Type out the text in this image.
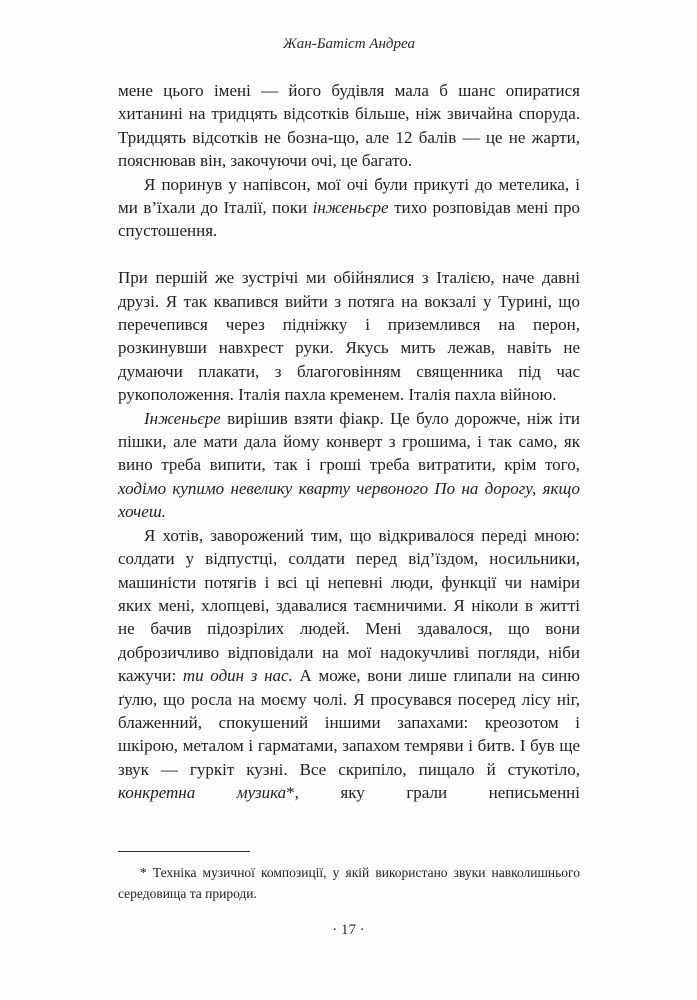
Жан-Батіст Андреа

мене цього імені — його будівля мала б шанс опиратися хитанині на тридцять відсотків більше, ніж звичайна споруда. Тридцять відсотків не бозна-що, але 12 балів — це не жарти, пояснював він, закочуючи очі, це багато.

Я поринув у напівсон, мої очі були прикуті до метелика, і ми в’їхали до Італії, поки інженьєре тихо розповідав мені про спустошення.

При першій же зустрічі ми обійнялися з Італією, наче давні друзі. Я так квапився вийти з потяга на вокзалі у Турині, що перечепився через підніжку і приземлився на перон, розкинувши навхрест руки. Якусь мить лежав, навіть не думаючи плакати, з благоговінням священника під час рукоположення. Італія пахла кременем. Італія пахла війною.

Інженьєре вирішив взяти фіакр. Це було дорожче, ніж іти пішки, але мати дала йому конверт з грошима, і так само, як вино треба випити, так і гроші треба витратити, крім того, ходімо купимо невелику кварту червоного По на дорогу, якщо хочеш.

Я хотів, заворожений тим, що відкривалося переді мною: солдати у відпустці, солдати перед від’їздом, носильники, машиністи потягів і всі ці непевні люди, функції чи наміри яких мені, хлопцеві, здавалися таємничими. Я ніколи в житті не бачив підозрілих людей. Мені здавалося, що вони доброзичливо відповідали на мої надокучливі погляди, ніби кажучи: ти один з нас. А може, вони лише глипали на синю ґулю, що росла на моєму чолі. Я просувався посеред лісу ніг, блаженний, спокушений іншими запахами: креозотом і шкірою, металом і гарматами, запахом темряви і битв. І був ще звук — гуркіт кузні. Все скрипіло, пищало й стукотіло, конкретна музика*, яку грали неписьменні

* Техніка музичної композиції, у якій використано звуки навколишнього середовища та природи.

· 17 ·
